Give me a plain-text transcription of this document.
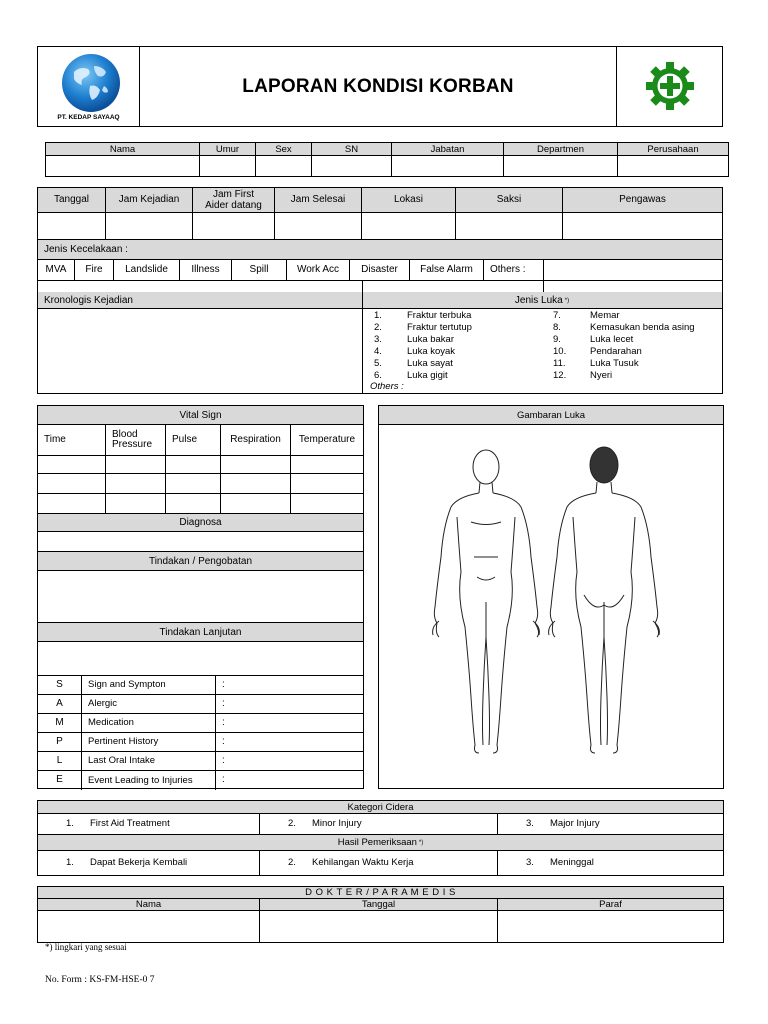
PT. KEDAP SAYAAQ
LAPORAN KONDISI KORBAN
Nama	Umur	Sex	SN	Jabatan	Departmen	Perusahaan
Tanggal	Jam Kejadian	Jam First Aider datang	Jam Selesai	Lokasi	Saksi	Pengawas
Jenis Kecelakaan :
MVA	Fire	Landslide	Illness	Spill	Work Acc	Disaster	False Alarm	Others :
Kronologis Kejadian	Jenis Luka *)
1.	Fraktur terbuka
2.	Fraktur tertutup
3.	Luka bakar
4.	Luka koyak
5.	Luka sayat
6.	Luka gigit
7.	Memar
8.	Kemasukan benda asing
9.	Luka lecet
10.	Pendarahan
11.	Luka Tusuk
12.	Nyeri
Others :
Vital Sign
Time	Blood Pressure	Pulse	Respiration	Temperature
Diagnosa
Tindakan / Pengobatan
Tindakan Lanjutan
S	Sign and Sympton	:
A	Alergic	:
M	Medication	:
P	Pertinent History	:
L	Last Oral Intake	:
E	Event Leading to Injuries	:
Gambaran Luka
Kategori Cidera
1.	First Aid Treatment	2.	Minor Injury	3.	Major Injury
Hasil Pemeriksaan *)
1.	Dapat Bekerja Kembali	2.	Kehilangan Waktu Kerja	3.	Meninggal
D O K T E R / P A R A M E D I S
Nama	Tanggal	Paraf
*) lingkari yang sesuai
No. Form : KS-FM-HSE-0 7
